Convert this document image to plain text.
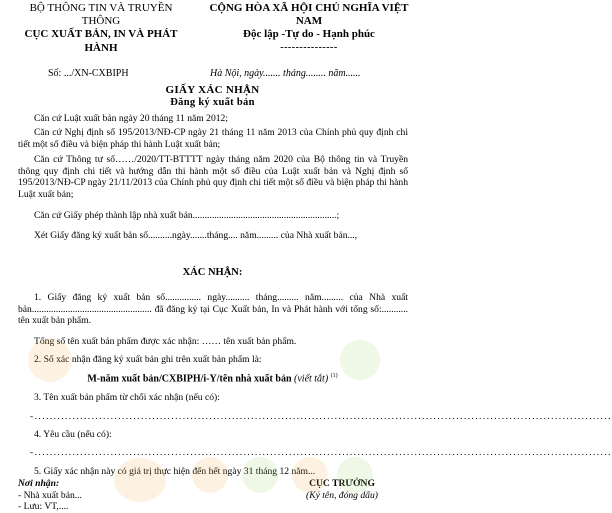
BỘ THÔNG TIN VÀ TRUYỀN
THÔNG
CỤC XUẤT BẢN, IN VÀ PHÁT HÀNH
CỘNG HÒA XÃ HỘI CHỦ NGHĨA VIỆT NAM
Độc lập -Tự do - Hạnh phúc
---------------
Số: .../XN-CXBIPH	Hà Nội, ngày....... tháng........ năm......
GIẤY XÁC NHẬN
Đăng ký xuất bản
Căn cứ Luật xuất bản ngày 20 tháng 11 năm 2012;
Căn cứ Nghị định số 195/2013/NĐ-CP ngày 21 tháng 11 năm 2013 của Chính phủ quy định chi tiết một số điều và biện pháp thi hành Luật xuất bản;
Căn cứ Thông tư số……/2020/TT-BTTTT ngày tháng năm 2020 của Bộ thông tin và Truyền thông quy định chi tiết và hướng dẫn thi hành một số điều của Luật xuất bản và Nghị định số 195/2013/NĐ-CP ngày 21/11/2013 của Chính phủ quy định chi tiết một số điều và biện pháp thi hành Luật xuất bản;
Căn cứ Giấy phép thành lập nhà xuất bản............................................................;
Xét Giấy đăng ký xuất bản số..........ngày.......tháng.... năm......... của Nhà xuất bản...,
XÁC NHẬN:
1. Giấy đăng ký xuất bản số............... ngày.......... tháng......... năm......... của Nhà xuất bản.................................................. đã đăng ký tại Cục Xuất bản, In và Phát hành với tổng số:........... tên xuất bản phẩm.
Tổng số tên xuất bản phẩm được xác nhận: …… tên xuất bản phẩm.
2. Số xác nhận đăng ký xuất bản ghi trên xuất bản phẩm là:
M-năm xuất bản/CXBIPH/i-Y/tên nhà xuất bản (viết tắt) $^{(1)}$
3. Tên xuất bản phẩm từ chối xác nhận (nếu có):
-........................................................................................................................................................
4. Yêu cầu (nếu có):
-........................................................................................................................................................
5. Giấy xác nhận này có giá trị thực hiện đến hết ngày 31 tháng 12 năm...
Nơi nhận:
- Nhà xuất bản...
- Lưu: VT,....
CỤC TRƯỞNG
(Ký tên, đóng dấu)
